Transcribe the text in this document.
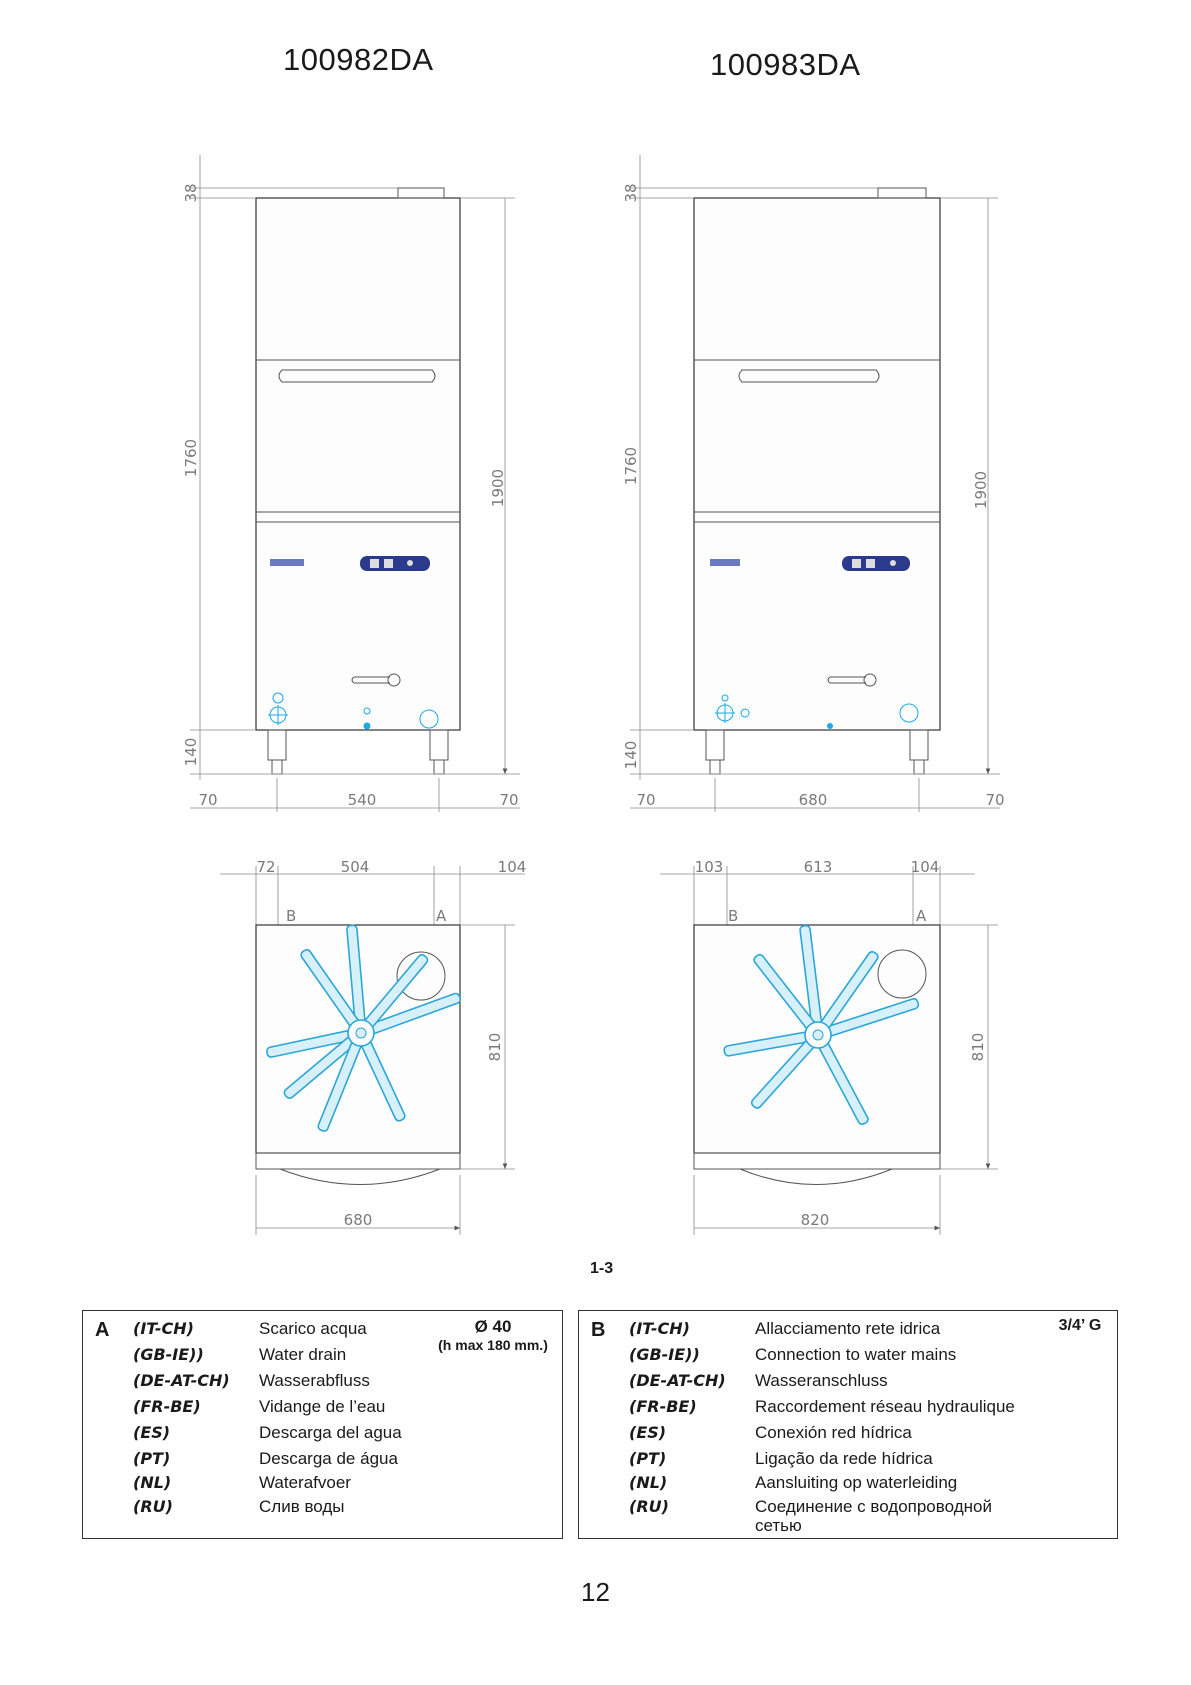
100982DA	100983DA
38
1760
140
1900
70	540	70
38
1760
140
1900
70	680	70
72	504	104
B	A
810
680
103	613	104
B	A
810
820
1-3
A	Ø 40
(h max 180 mm.)
(IT-CH)	Scarico acqua
(GB-IE))	Water drain
(DE-AT-CH) Wasserabfluss
(FR-BE)	Vidange de l’eau
(ES)	Descarga del agua
(PT)	Descarga de água
(NL)	Waterafvoer
(RU)	Слив воды
B	3/4’ G
(IT-CH)	Allacciamento rete idrica
(GB-IE))	Connection to water mains
(DE-AT-CH) Wasseranschluss
(FR-BE)	Raccordement réseau hydraulique
(ES)	Conexión red hídrica
(PT)	Ligação da rede hídrica
(NL)	Aansluiting op waterleiding
(RU)	Соединение с водопроводной
сетью
12
